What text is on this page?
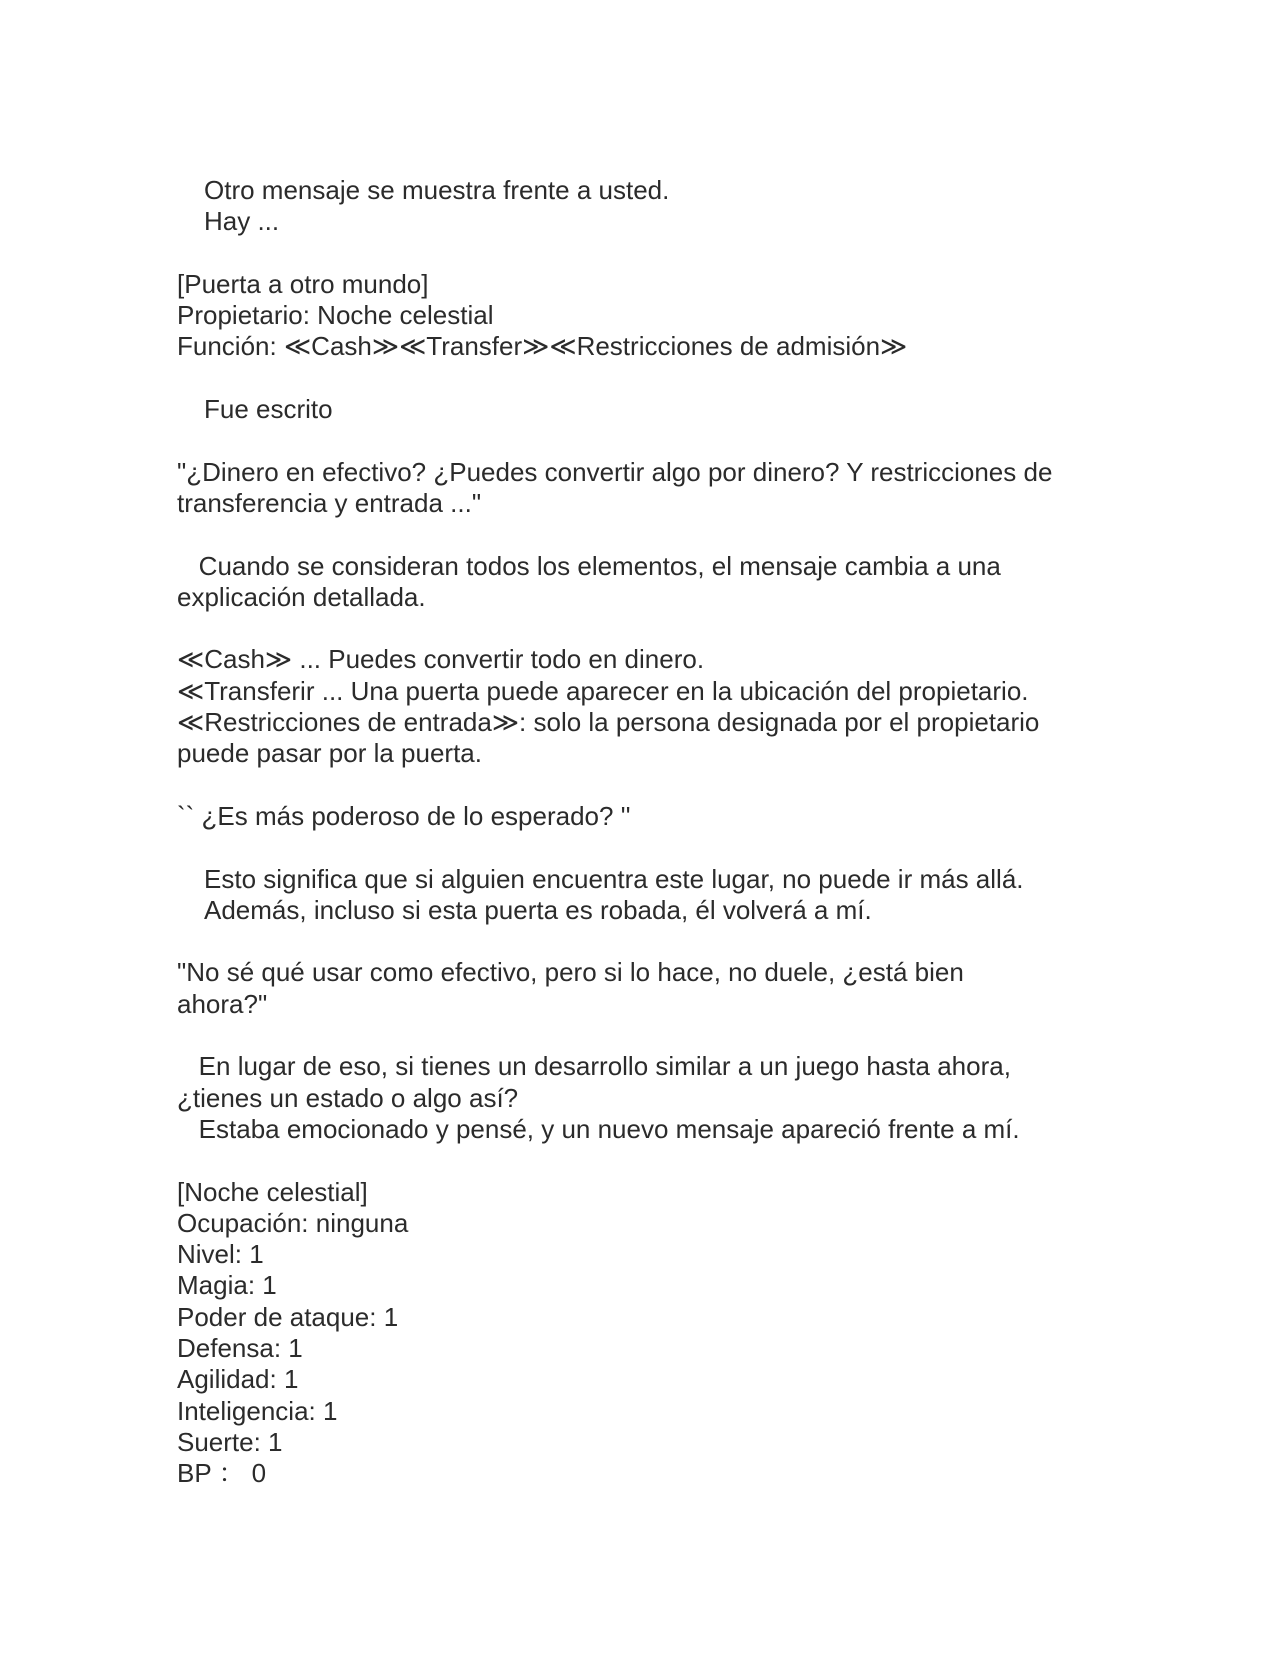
Otro mensaje se muestra frente a usted.

Hay ...

[Puerta a otro mundo]

Propietario: Noche celestial

Función: ≪Cash≫≪Transfer≫≪Restricciones de admisión≫

Fue escrito

"¿Dinero en efectivo? ¿Puedes convertir algo por dinero? Y restricciones de

transferencia y entrada ..."

Cuando se consideran todos los elementos, el mensaje cambia a una

explicación detallada.

≪Cash≫ ... Puedes convertir todo en dinero.

≪Transferir ... Una puerta puede aparecer en la ubicación del propietario.

≪Restricciones de entrada≫: solo la persona designada por el propietario

puede pasar por la puerta.

`` ¿Es más poderoso de lo esperado? ''

Esto significa que si alguien encuentra este lugar, no puede ir más allá.

Además, incluso si esta puerta es robada, él volverá a mí.

"No sé qué usar como efectivo, pero si lo hace, no duele, ¿está bien

ahora?"

En lugar de eso, si tienes un desarrollo similar a un juego hasta ahora,

¿tienes un estado o algo así?

Estaba emocionado y pensé, y un nuevo mensaje apareció frente a mí.

[Noche celestial]

Ocupación: ninguna

Nivel: 1

Magia: 1

Poder de ataque: 1

Defensa: 1

Agilidad: 1

Inteligencia: 1

Suerte: 1

BP ： 0
